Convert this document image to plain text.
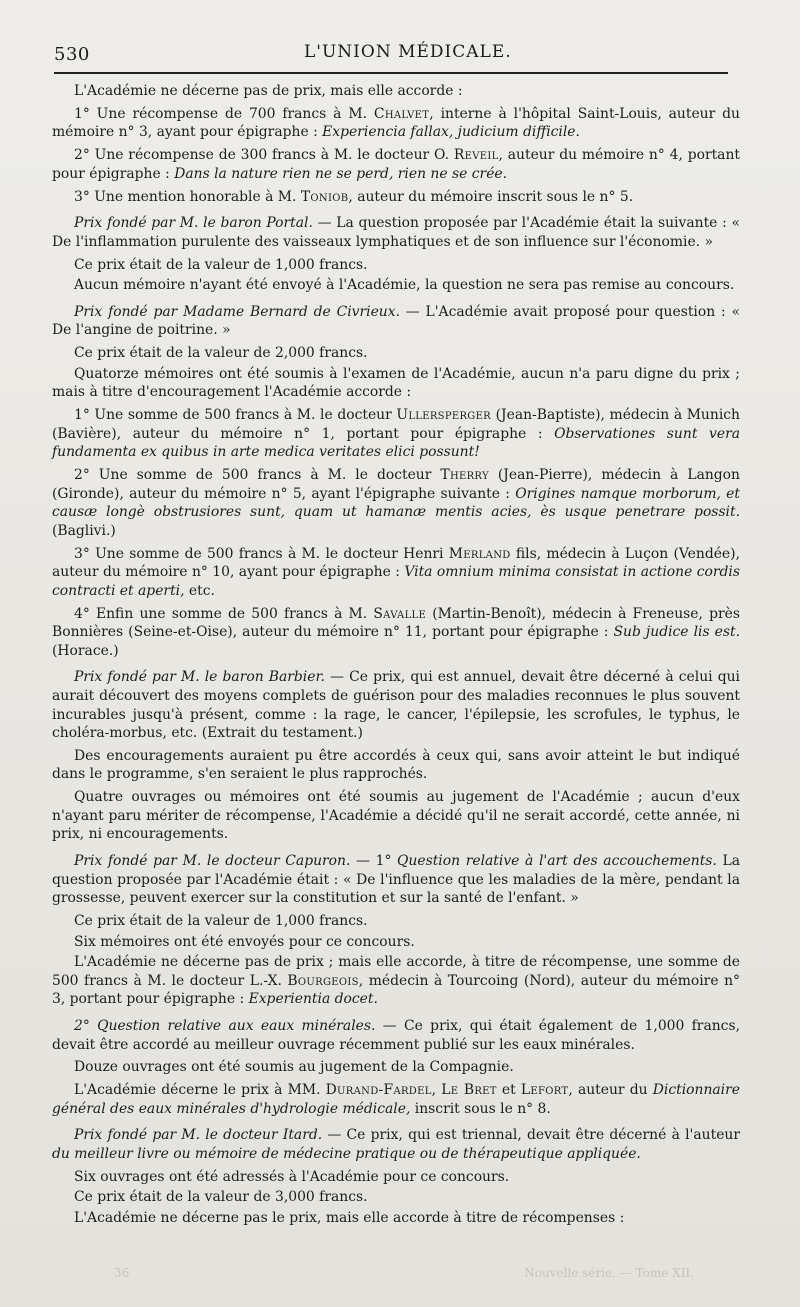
530	L'UNION MÉDICALE.

L'Académie ne décerne pas de prix, mais elle accorde :

1° Une récompense de 700 francs à M. Chalvet, interne à l'hôpital Saint-Louis, auteur du mémoire n° 3, ayant pour épigraphe : Experiencia fallax, judicium difficile.

2° Une récompense de 300 francs à M. le docteur O. Reveil, auteur du mémoire n° 4, portant pour épigraphe : Dans la nature rien ne se perd, rien ne se crée.

3° Une mention honorable à M. Toniob, auteur du mémoire inscrit sous le n° 5.

Prix fondé par M. le baron Portal. — La question proposée par l'Académie était la suivante : « De l'inflammation purulente des vaisseaux lymphatiques et de son influence sur l'économie. »

Ce prix était de la valeur de 1,000 francs.

Aucun mémoire n'ayant été envoyé à l'Académie, la question ne sera pas remise au concours.

Prix fondé par Madame Bernard de Civrieux. — L'Académie avait proposé pour question : « De l'angine de poitrine. »

Ce prix était de la valeur de 2,000 francs.

Quatorze mémoires ont été soumis à l'examen de l'Académie, aucun n'a paru digne du prix ; mais à titre d'encouragement l'Académie accorde :

1° Une somme de 500 francs à M. le docteur Ullersperger (Jean-Baptiste), médecin à Munich (Bavière), auteur du mémoire n° 1, portant pour épigraphe : Observationes sunt vera fundamenta ex quibus in arte medica veritates elici possunt!

2° Une somme de 500 francs à M. le docteur Therry (Jean-Pierre), médecin à Langon (Gironde), auteur du mémoire n° 5, ayant l'épigraphe suivante : Origines namque morborum, et causæ longè obstrusiores sunt, quam ut hamanæ mentis acies, ès usque penetrare possit. (Baglivi.)

3° Une somme de 500 francs à M. le docteur Henri Merland fils, médecin à Luçon (Vendée), auteur du mémoire n° 10, ayant pour épigraphe : Vita omnium minima consistat in actione cordis contracti et aperti, etc.

4° Enfin une somme de 500 francs à M. Savalle (Martin-Benoît), médecin à Freneuse, près Bonnières (Seine-et-Oise), auteur du mémoire n° 11, portant pour épigraphe : Sub judice lis est. (Horace.)

Prix fondé par M. le baron Barbier. — Ce prix, qui est annuel, devait être décerné à celui qui aurait découvert des moyens complets de guérison pour des maladies reconnues le plus souvent incurables jusqu'à présent, comme : la rage, le cancer, l'épilepsie, les scrofules, le typhus, le choléra-morbus, etc. (Extrait du testament.)

Des encouragements auraient pu être accordés à ceux qui, sans avoir atteint le but indiqué dans le programme, s'en seraient le plus rapprochés.

Quatre ouvrages ou mémoires ont été soumis au jugement de l'Académie ; aucun d'eux n'ayant paru mériter de récompense, l'Académie a décidé qu'il ne serait accordé, cette année, ni prix, ni encouragements.

Prix fondé par M. le docteur Capuron. — 1° Question relative à l'art des accouchements. La question proposée par l'Académie était : « De l'influence que les maladies de la mère, pendant la grossesse, peuvent exercer sur la constitution et sur la santé de l'enfant. »

Ce prix était de la valeur de 1,000 francs.

Six mémoires ont été envoyés pour ce concours.

L'Académie ne décerne pas de prix ; mais elle accorde, à titre de récompense, une somme de 500 francs à M. le docteur L.-X. Bourgeois, médecin à Tourcoing (Nord), auteur du mémoire n° 3, portant pour épigraphe : Experientia docet.

2° Question relative aux eaux minérales. — Ce prix, qui était également de 1,000 francs, devait être accordé au meilleur ouvrage récemment publié sur les eaux minérales.

Douze ouvrages ont été soumis au jugement de la Compagnie.

L'Académie décerne le prix à MM. Durand-Fardel, Le Bret et Lefort, auteur du Dictionnaire général des eaux minérales d'hydrologie médicale, inscrit sous le n° 8.

Prix fondé par M. le docteur Itard. — Ce prix, qui est triennal, devait être décerné à l'auteur du meilleur livre ou mémoire de médecine pratique ou de thérapeutique appliquée.

Six ouvrages ont été adressés à l'Académie pour ce concours.

Ce prix était de la valeur de 3,000 francs.

L'Académie ne décerne pas le prix, mais elle accorde à titre de récompenses :

36	Nouvelle série. — Tome XII.
